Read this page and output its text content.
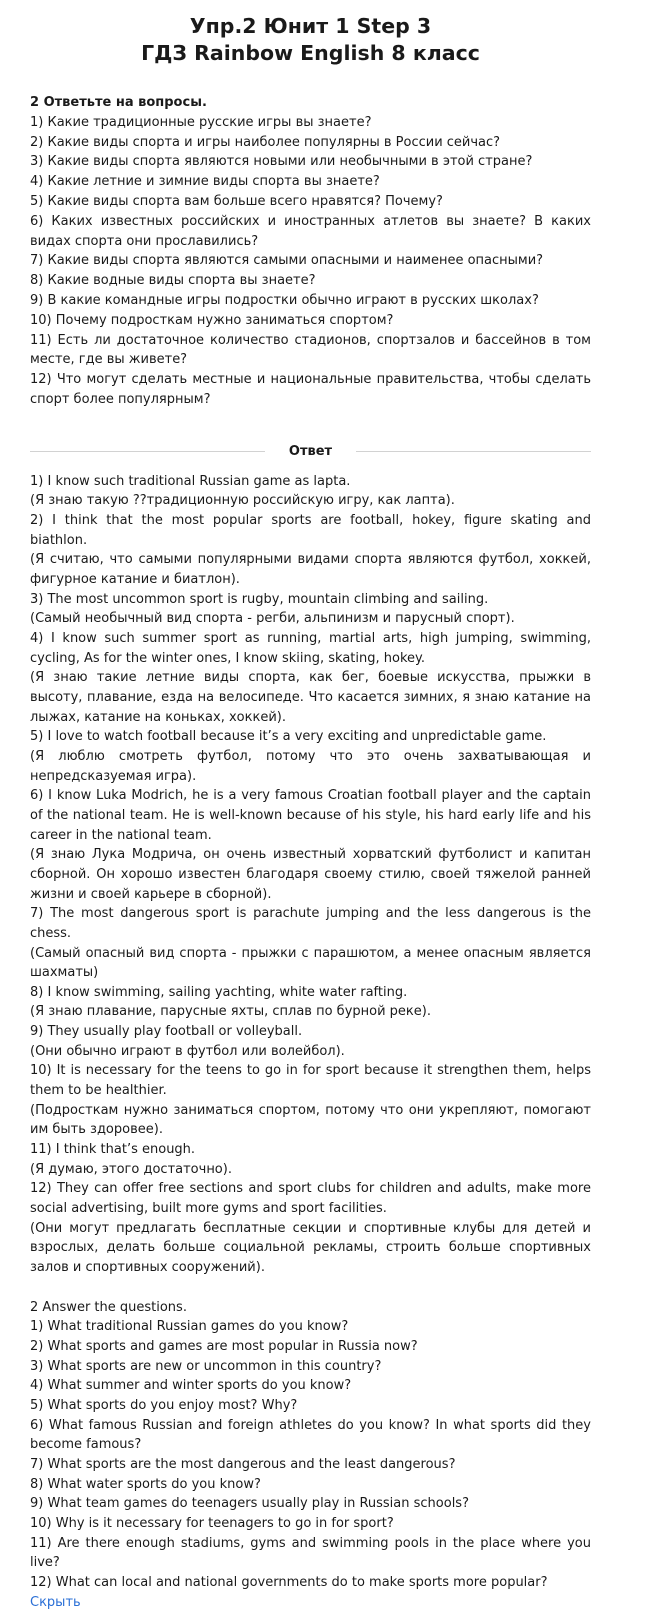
Упр.2 Юнит 1 Step 3
ГДЗ Rainbow English 8 класс
2 Ответьте на вопросы.
1) Какие традиционные русские игры вы знаете?
2) Какие виды спорта и игры наиболее популярны в России сейчас?
3) Какие виды спорта являются новыми или необычными в этой стране?
4) Какие летние и зимние виды спорта вы знаете?
5) Какие виды спорта вам больше всего нравятся? Почему?
6) Каких известных российских и иностранных атлетов вы знаете? В каких видах спорта они прославились?
7) Какие виды спорта являются самыми опасными и наименее опасными?
8) Какие водные виды спорта вы знаете?
9) В какие командные игры подростки обычно играют в русских школах?
10) Почему подросткам нужно заниматься спортом?
11) Есть ли достаточное количество стадионов, спортзалов и бассейнов в том месте, где вы живете?
12) Что могут сделать местные и национальные правительства, чтобы сделать спорт более популярным?
Ответ
1) I know such traditional Russian game as lapta.
(Я знаю такую ??традиционную российскую игру, как лапта).
2) I think that the most popular sports are football, hokey, figure skating and biathlon.
(Я считаю, что самыми популярными видами спорта являются футбол, хоккей, фигурное катание и биатлон).
3) The most uncommon sport is rugby, mountain climbing and sailing.
(Самый необычный вид спорта - регби, альпинизм и парусный спорт).
4) I know such summer sport as running, martial arts, high jumping, swimming, cycling, As for the winter ones, I know skiing, skating, hokey.
(Я знаю такие летние виды спорта, как бег, боевые искусства, прыжки в высоту, плавание, езда на велосипеде. Что касается зимних, я знаю катание на лыжах, катание на коньках, хоккей).
5) I love to watch football because it’s a very exciting and unpredictable game.
(Я люблю смотреть футбол, потому что это очень захватывающая и непредсказуемая игра).
6) I know Luka Modrich, he is a very famous Croatian football player and the captain of the national team. He is well-known because of his style, his hard early life and his career in the national team.
(Я знаю Лука Модрича, он очень известный хорватский футболист и капитан сборной. Он хорошо известен благодаря своему стилю, своей тяжелой ранней жизни и своей карьере в сборной).
7) The most dangerous sport is parachute jumping and the less dangerous is the chess.
(Самый опасный вид спорта - прыжки с парашютом, а менее опасным является шахматы)
8) I know swimming, sailing yachting, white water rafting.
(Я знаю плавание, парусные яхты, сплав по бурной реке).
9) They usually play football or volleyball.
(Они обычно играют в футбол или волейбол).
10) It is necessary for the teens to go in for sport because it strengthen them, helps them to be healthier.
(Подросткам нужно заниматься спортом, потому что они укрепляют, помогают им быть здоровее).
11) I think that’s enough.
(Я думаю, этого достаточно).
12) They can offer free sections and sport clubs for children and adults, make more social advertising, built more gyms and sport facilities.
(Они могут предлагать бесплатные секции и спортивные клубы для детей и взрослых, делать больше социальной рекламы, строить больше спортивных залов и спортивных сооружений).
2 Answer the questions.
1) What traditional Russian games do you know?
2) What sports and games are most popular in Russia now?
3) What sports are new or uncommon in this country?
4) What summer and winter sports do you know?
5) What sports do you enjoy most? Why?
6) What famous Russian and foreign athletes do you know? In what sports did they become famous?
7) What sports are the most dangerous and the least dangerous?
8) What water sports do you know?
9) What team games do teenagers usually play in Russian schools?
10) Why is it necessary for teenagers to go in for sport?
11) Are there enough stadiums, gyms and swimming pools in the place where you live?
12) What can local and national governments do to make sports more popular?
Скрыть
